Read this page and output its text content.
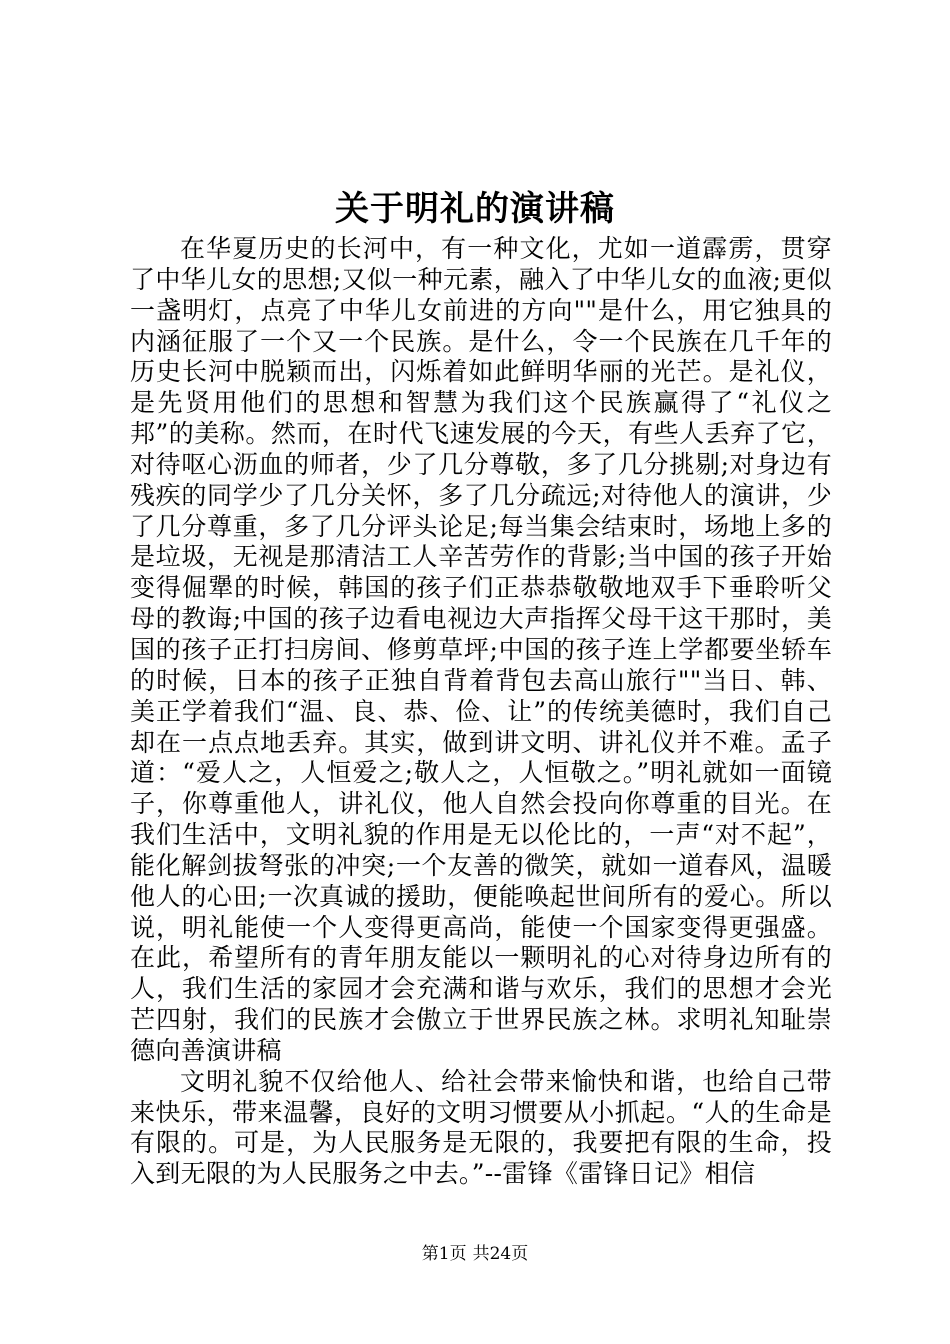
关于明礼的演讲稿

在华夏历史的长河中，有一种文化，尤如一道霹雳，贯穿了中华儿女的思想;又似一种元素，融入了中华儿女的血液;更似一盏明灯，点亮了中华儿女前进的方向""是什么，用它独具的内涵征服了一个又一个民族。是什么，令一个民族在几千年的历史长河中脱颖而出，闪烁着如此鲜明华丽的光芒。是礼仪，是先贤用他们的思想和智慧为我们这个民族赢得了“礼仪之邦”的美称。然而，在时代飞速发展的今天，有些人丢弃了它，对待呕心沥血的师者，少了几分尊敬，多了几分挑剔;对身边有残疾的同学少了几分关怀，多了几分疏远;对待他人的演讲，少了几分尊重，多了几分评头论足;每当集会结束时，场地上多的是垃圾，无视是那清洁工人辛苦劳作的背影;当中国的孩子开始变得倔犟的时候，韩国的孩子们正恭恭敬敬地双手下垂聆听父母的教诲;中国的孩子边看电视边大声指挥父母干这干那时，美国的孩子正打扫房间、修剪草坪;中国的孩子连上学都要坐轿车的时候，日本的孩子正独自背着背包去高山旅行""当日、韩、美正学着我们“温、良、恭、俭、让”的传统美德时，我们自己却在一点点地丢弃。其实，做到讲文明、讲礼仪并不难。孟子道：“爱人之，人恒爱之;敬人之，人恒敬之。”明礼就如一面镜子，你尊重他人，讲礼仪，他人自然会投向你尊重的目光。在我们生活中，文明礼貌的作用是无以伦比的，一声“对不起”，能化解剑拔弩张的冲突;一个友善的微笑，就如一道春风，温暖他人的心田;一次真诚的援助，便能唤起世间所有的爱心。所以说，明礼能使一个人变得更高尚，能使一个国家变得更强盛。在此，希望所有的青年朋友能以一颗明礼的心对待身边所有的人，我们生活的家园才会充满和谐与欢乐，我们的思想才会光芒四射，我们的民族才会傲立于世界民族之林。求明礼知耻崇德向善演讲稿

文明礼貌不仅给他人、给社会带来愉快和谐，也给自己带来快乐，带来温馨，良好的文明习惯要从小抓起。“人的生命是有限的。可是，为人民服务是无限的，我要把有限的生命，投入到无限的为人民服务之中去。”--雷锋《雷锋日记》相信

第1页 共24页
